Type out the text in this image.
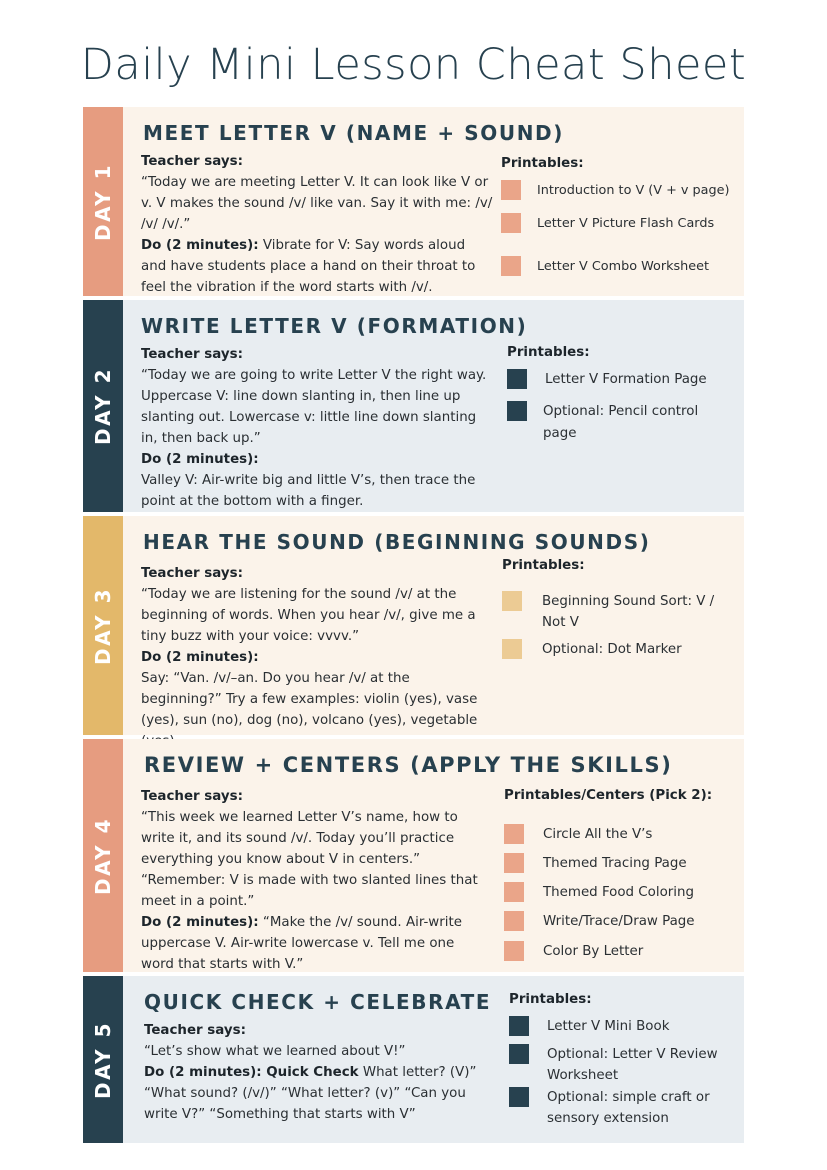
Daily Mini Lesson Cheat Sheet
DAY 1
MEET LETTER V (NAME + SOUND)

Teacher says:

“Today we are meeting Letter V. It can look like V or v. V makes the sound /v/ like van. Say it with me: /v/ /v/ /v/.”

Do (2 minutes): Vibrate for V: Say words aloud and have students place a hand on their throat to feel the vibration if the word starts with /v/.

Printables:
Introduction to V (V + v page)
Letter V Picture Flash Cards
Letter V Combo Worksheet
DAY 2
WRITE LETTER V (FORMATION)

Teacher says:

“Today we are going to write Letter V the right way. Uppercase V: line down slanting in, then line up slanting out. Lowercase v: little line down slanting in, then back up.”

Do (2 minutes):

Valley V: Air-write big and little V’s, then trace the point at the bottom with a finger.

Printables:
Letter V Formation Page
Optional: Pencil control page
DAY 3
HEAR THE SOUND (BEGINNING SOUNDS)

Teacher says:

“Today we are listening for the sound /v/ at the beginning of words. When you hear /v/, give me a tiny buzz with your voice: vvvv.”

Do (2 minutes):

Say: “Van. /v/–an. Do you hear /v/ at the beginning?” Try a few examples: violin (yes), vase (yes), sun (no), dog (no), volcano (yes), vegetable

Printables:
Beginning Sound Sort: V / Not V
Optional: Dot Marker
DAY 4
REVIEW + CENTERS (APPLY THE SKILLS)

Teacher says:

“This week we learned Letter V’s name, how to write it, and its sound /v/. Today you’ll practice everything you know about V in centers.” “Remember: V is made with two slanted lines that meet in a point.”

Do (2 minutes): “Make the /v/ sound. Air-write uppercase V. Air-write lowercase v. Tell me one word that starts with V.”

Printables/Centers (Pick 2):
Circle All the V’s
Themed Tracing Page
Themed Food Coloring
Write/Trace/Draw Page
Color By Letter
DAY 5
QUICK CHECK + CELEBRATE

Teacher says:

“Let’s show what we learned about V!”

Do (2 minutes): Quick Check What letter? (V)” “What sound? (/v/)” “What letter? (v)” “Can you write V?” “Something that starts with V”

Printables:
Letter V Mini Book
Optional: Letter V Review Worksheet
Optional: simple craft or sensory extension
